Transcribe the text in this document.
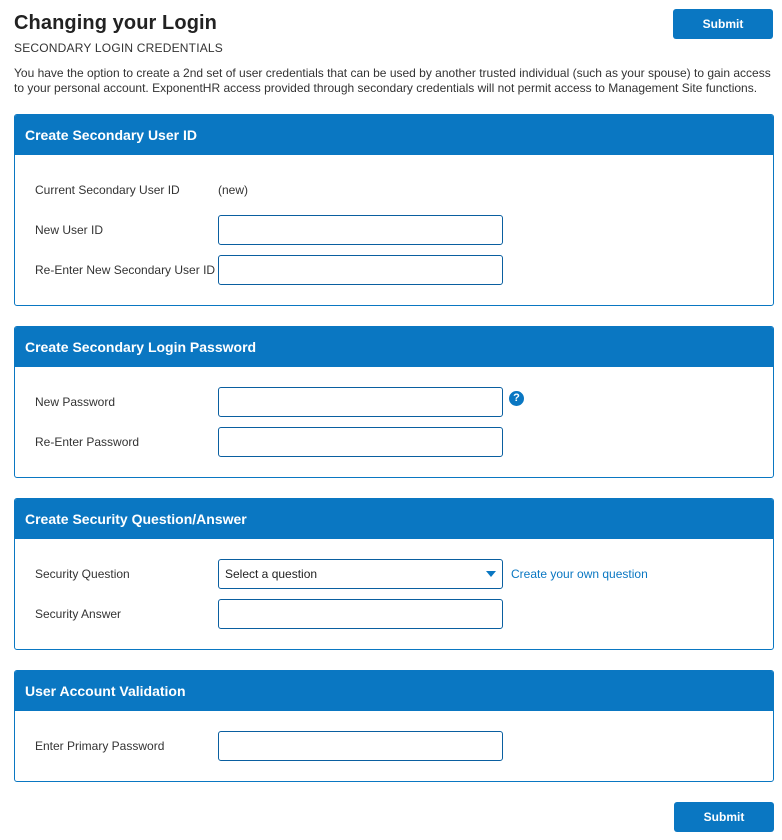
Changing your Login
SECONDARY LOGIN CREDENTIALS
Submit

You have the option to create a 2nd set of user credentials that can be used by another trusted individual (such as your spouse) to gain access to your personal account. ExponentHR access provided through secondary credentials will not permit access to Management Site functions.

Create Secondary User ID
Current Secondary User ID	(new)
New User ID
Re-Enter New Secondary User ID
Create Secondary Login Password
New Password	?
Re-Enter Password
Create Security Question/Answer
Security Question	Select a question	Create your own question
Security Answer
User Account Validation
Enter Primary Password
Submit
